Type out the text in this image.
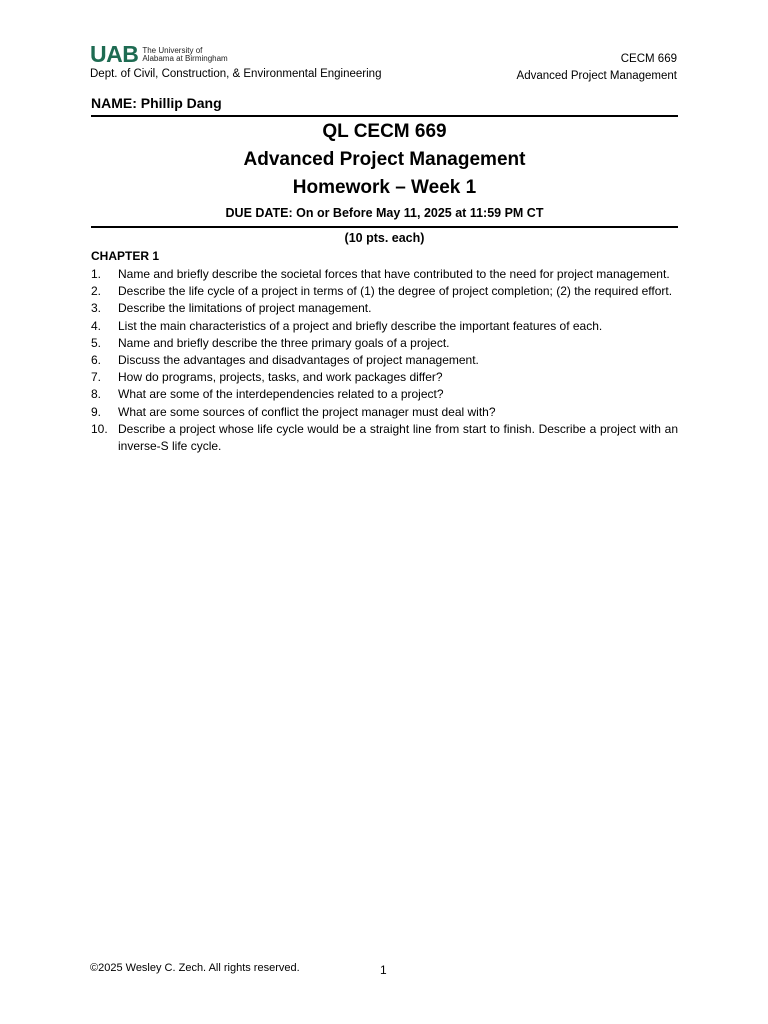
UAB The University of
Alabama at Birmingham
Dept. of Civil, Construction, & Environmental Engineering
CECM 669
Advanced Project Management
NAME: Phillip Dang
QL CECM 669
Advanced Project Management
Homework – Week 1
DUE DATE: On or Before May 11, 2025 at 11:59 PM CT
(10 pts. each)
CHAPTER 1
1. Name and briefly describe the societal forces that have contributed to the need for project management.
2. Describe the life cycle of a project in terms of (1) the degree of project completion; (2) the required effort.
3. Describe the limitations of project management.
4. List the main characteristics of a project and briefly describe the important features of each.
5. Name and briefly describe the three primary goals of a project.
6. Discuss the advantages and disadvantages of project management.
7. How do programs, projects, tasks, and work packages differ?
8. What are some of the interdependencies related to a project?
9. What are some sources of conflict the project manager must deal with?
10. Describe a project whose life cycle would be a straight line from start to finish. Describe a project with an inverse-S life cycle.
©2025 Wesley C. Zech. All rights reserved.	1
